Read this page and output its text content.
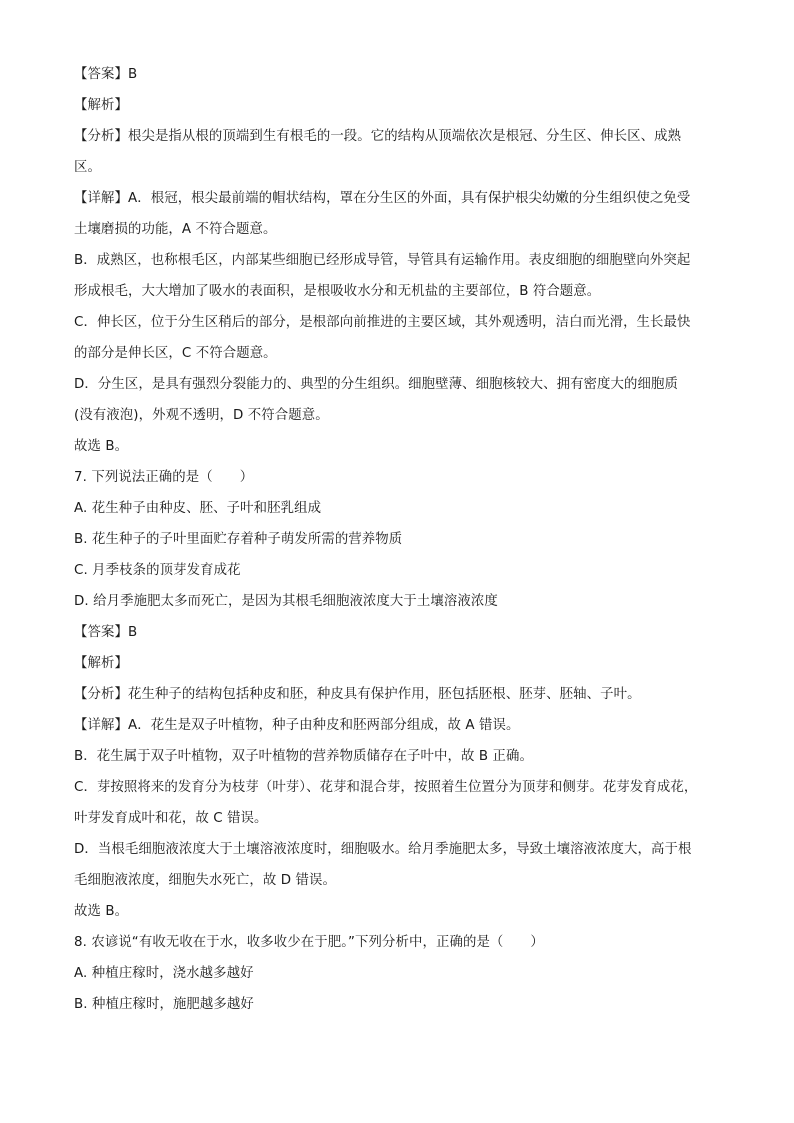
【答案】B
【解析】
【分析】根尖是指从根的顶端到生有根毛的一段。它的结构从顶端依次是根冠、分生区、伸长区、成熟
区。
【详解】A．根冠，根尖最前端的帽状结构，罩在分生区的外面，具有保护根尖幼嫩的分生组织使之免受
土壤磨损的功能，A 不符合题意。
B．成熟区，也称根毛区，内部某些细胞已经形成导管，导管具有运输作用。表皮细胞的细胞壁向外突起
形成根毛，大大增加了吸水的表面积，是根吸收水分和无机盐的主要部位，B 符合题意。
C．伸长区，位于分生区稍后的部分，是根部向前推进的主要区域，其外观透明，洁白而光滑，生长最快
的部分是伸长区，C 不符合题意。
D．分生区，是具有强烈分裂能力的、典型的分生组织。细胞壁薄、细胞核较大、拥有密度大的细胞质
(没有液泡)，外观不透明，D 不符合题意。
故选 B。
7. 下列说法正确的是（　　）
A. 花生种子由种皮、胚、子叶和胚乳组成
B. 花生种子的子叶里面贮存着种子萌发所需的营养物质
C. 月季枝条的顶芽发育成花
D. 给月季施肥太多而死亡，是因为其根毛细胞液浓度大于土壤溶液浓度
【答案】B
【解析】
【分析】花生种子的结构包括种皮和胚，种皮具有保护作用，胚包括胚根、胚芽、胚轴、子叶。
【详解】A．花生是双子叶植物，种子由种皮和胚两部分组成，故 A 错误。
B．花生属于双子叶植物，双子叶植物的营养物质储存在子叶中，故 B 正确。
C．芽按照将来的发育分为枝芽（叶芽）、花芽和混合芽，按照着生位置分为顶芽和侧芽。花芽发育成花，
叶芽发育成叶和花，故 C 错误。
D．当根毛细胞液浓度大于土壤溶液浓度时，细胞吸水。给月季施肥太多，导致土壤溶液浓度大，高于根
毛细胞液浓度，细胞失水死亡，故 D 错误。
故选 B。
8. 农谚说“有收无收在于水，收多收少在于肥。”下列分析中，正确的是（　　）
A. 种植庄稼时，浇水越多越好
B. 种植庄稼时，施肥越多越好
